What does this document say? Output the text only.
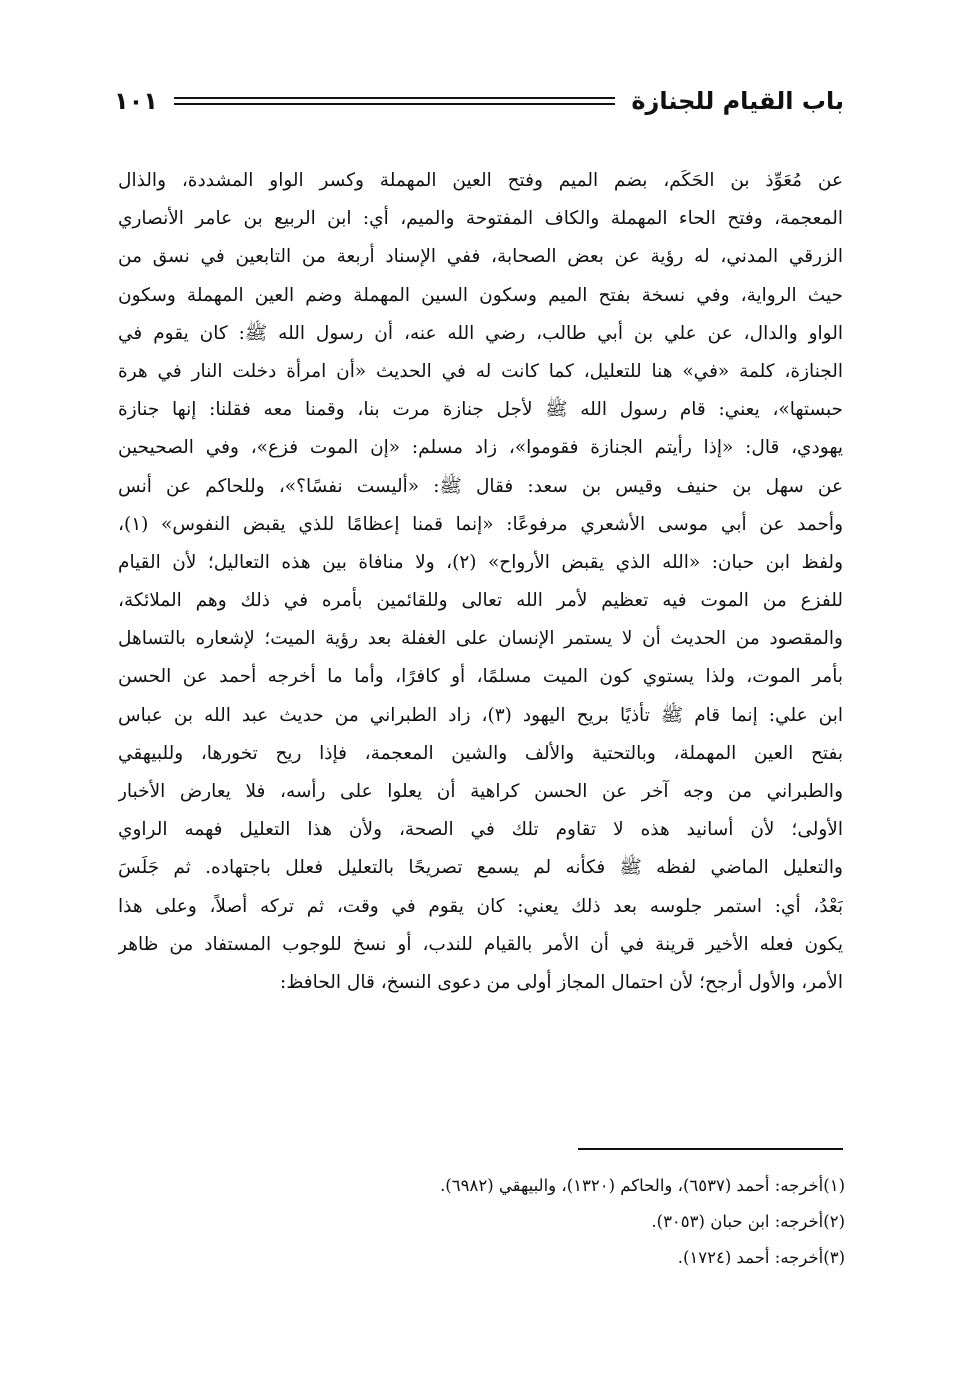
باب القيام للجنازة
١٠١
عن مُعَوِّذ بن الحَكَم، بضم الميم وفتح العين المهملة وكسر الواو المشددة، والذال
المعجمة، وفتح الحاء المهملة والكاف المفتوحة والميم، أي: ابن الربيع بن عامر الأنصاري
الزرقي المدني، له رؤية عن بعض الصحابة، ففي الإسناد أربعة من التابعين في نسق من
حيث الرواية، وفي نسخة بفتح الميم وسكون السين المهملة وضم العين المهملة وسكون
الواو والدال، عن علي بن أبي طالب، رضي الله عنه، أن رسول الله ﷺ: كان يقوم في
الجنازة، كلمة «في» هنا للتعليل، كما كانت له في الحديث «أن امرأة دخلت النار في هرة
حبستها»، يعني: قام رسول الله ﷺ لأجل جنازة مرت بنا، وقمنا معه فقلنا: إنها جنازة
يهودي، قال: «إذا رأيتم الجنازة فقوموا»، زاد مسلم: «إن الموت فزع»، وفي الصحيحين
عن سهل بن حنيف وقيس بن سعد: فقال ﷺ: «أليست نفسًا؟»، وللحاكم عن أنس
وأحمد عن أبي موسى الأشعري مرفوعًا: «إنما قمنا إعظامًا للذي يقبض النفوس» (١)،
ولفظ ابن حبان: «الله الذي يقبض الأرواح» (٢)، ولا منافاة بين هذه التعاليل؛ لأن القيام
للفزع من الموت فيه تعظيم لأمر الله تعالى وللقائمين بأمره في ذلك وهم الملائكة،
والمقصود من الحديث أن لا يستمر الإنسان على الغفلة بعد رؤية الميت؛ لإشعاره بالتساهل
بأمر الموت، ولذا يستوي كون الميت مسلمًا، أو كافرًا، وأما ما أخرجه أحمد عن الحسن
ابن علي: إنما قام ﷺ تأذيًا بريح اليهود (٣)، زاد الطبراني من حديث عبد الله بن عباس
بفتح العين المهملة، وبالتحتية والألف والشين المعجمة، فإذا ريح تخورها، وللبيهقي
والطبراني من وجه آخر عن الحسن كراهية أن يعلوا على رأسه، فلا يعارض الأخبار
الأولى؛ لأن أسانيد هذه لا تقاوم تلك في الصحة، ولأن هذا التعليل فهمه الراوي
والتعليل الماضي لفظه ﷺ فكأنه لم يسمع تصريحًا بالتعليل فعلل باجتهاده. ثم جَلَسَ
بَعْدُ، أي: استمر جلوسه بعد ذلك يعني: كان يقوم في وقت، ثم تركه أصلاً، وعلى هذا
يكون فعله الأخير قرينة في أن الأمر بالقيام للندب، أو نسخ للوجوب المستفاد من ظاهر
الأمر، والأول أرجح؛ لأن احتمال المجاز أولى من دعوى النسخ، قال الحافظ:
(١)أخرجه: أحمد (٦٥٣٧)، والحاكم (١٣٢٠)، والبيهقي (٦٩٨٢).
(٢)أخرجه: ابن حبان (٣٠٥٣).
(٣)أخرجه: أحمد (١٧٢٤).
